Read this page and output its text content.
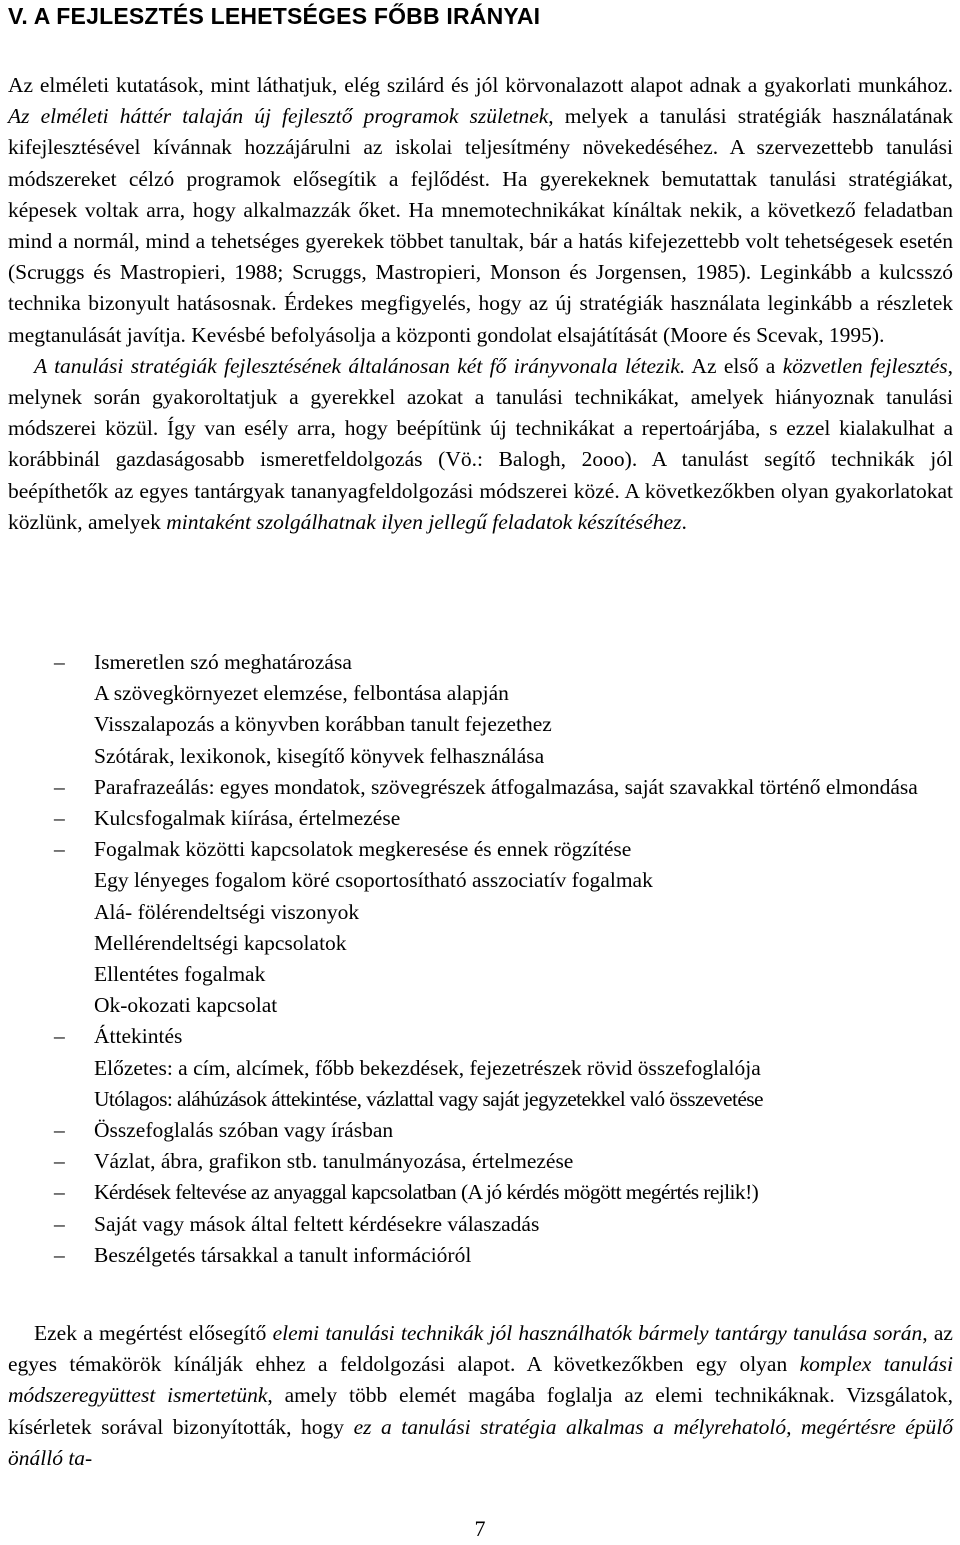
V. A FEJLESZTÉS LEHETSÉGES FŐBB IRÁNYAI

Az elméleti kutatások, mint láthatjuk, elég szilárd és jól körvonalazott alapot adnak a gyakorlati munkához. Az elméleti háttér talaján új fejlesztő programok születnek, melyek a tanulási stratégiák használatának kifejlesztésével kívánnak hozzájárulni az iskolai teljesítmény növekedéséhez. A szervezettebb tanulási módszereket célzó programok elősegítik a fejlődést. Ha gyerekeknek bemutattak tanulási stratégiákat, képesek voltak arra, hogy alkalmazzák őket. Ha mnemotechnikákat kínáltak nekik, a következő feladatban mind a normál, mind a tehetséges gyerekek többet tanultak, bár a hatás kifejezettebb volt tehetségesek esetén (Scruggs és Mastropieri, 1988; Scruggs, Mastropieri, Monson és Jorgensen, 1985). Leginkább a kulcsszó technika bizonyult hatásosnak. Érdekes megfigyelés, hogy az új stratégiák használata leginkább a részletek megtanulását javítja. Kevésbé befolyásolja a központi gondolat elsajátítását (Moore és Scevak, 1995).
A tanulási stratégiák fejlesztésének általánosan két fő irányvonala létezik. Az első a közvetlen fejlesztés, melynek során gyakoroltatjuk a gyerekkel azokat a tanulási technikákat, amelyek hiányoznak tanulási módszerei közül. Így van esély arra, hogy beépítünk új technikákat a repertoárjába, s ezzel kialakulhat a korábbinál gazdaságosabb ismeretfeldolgozás (Vö.: Balogh, 2ooo). A tanulást segítő technikák jól beépíthetők az egyes tantárgyak tananyagfeldolgozási módszerei közé. A következőkben olyan gyakorlatokat közlünk, amelyek mintaként szolgálhatnak ilyen jellegű feladatok készítéséhez.

– Ismeretlen szó meghatározása
A szövegkörnyezet elemzése, felbontása alapján
Visszalapozás a könyvben korábban tanult fejezethez
Szótárak, lexikonok, kisegítő könyvek felhasználása
– Parafrazeálás: egyes mondatok, szövegrészek átfogalmazása, saját szavakkal történő elmondása
– Kulcsfogalmak kiírása, értelmezése
– Fogalmak közötti kapcsolatok megkeresése és ennek rögzítése
Egy lényeges fogalom köré csoportosítható asszociatív fogalmak
Alá- fölérendeltségi viszonyok
Mellérendeltségi kapcsolatok
Ellentétes fogalmak
Ok-okozati kapcsolat
– Áttekintés
Előzetes: a cím, alcímek, főbb bekezdések, fejezetrészek rövid összefoglalója
Utólagos: aláhúzások áttekintése, vázlattal vagy saját jegyzetekkel való összevetése
– Összefoglalás szóban vagy írásban
– Vázlat, ábra, grafikon stb. tanulmányozása, értelmezése
– Kérdések feltevése az anyaggal kapcsolatban (A jó kérdés mögött megértés rejlik!)
– Saját vagy mások által feltett kérdésekre válaszadás
– Beszélgetés társakkal a tanult információról

Ezek a megértést elősegítő elemi tanulási technikák jól használhatók bármely tantárgy tanulása során, az egyes témakörök kínálják ehhez a feldolgozási alapot. A következőkben egy olyan komplex tanulási módszeregyüttest ismertetünk, amely több elemét magába foglalja az elemi technikáknak. Vizsgálatok, kísérletek sorával bizonyították, hogy ez a tanulási stratégia alkalmas a mélyrehatoló, megértésre épülő önálló ta-

7
